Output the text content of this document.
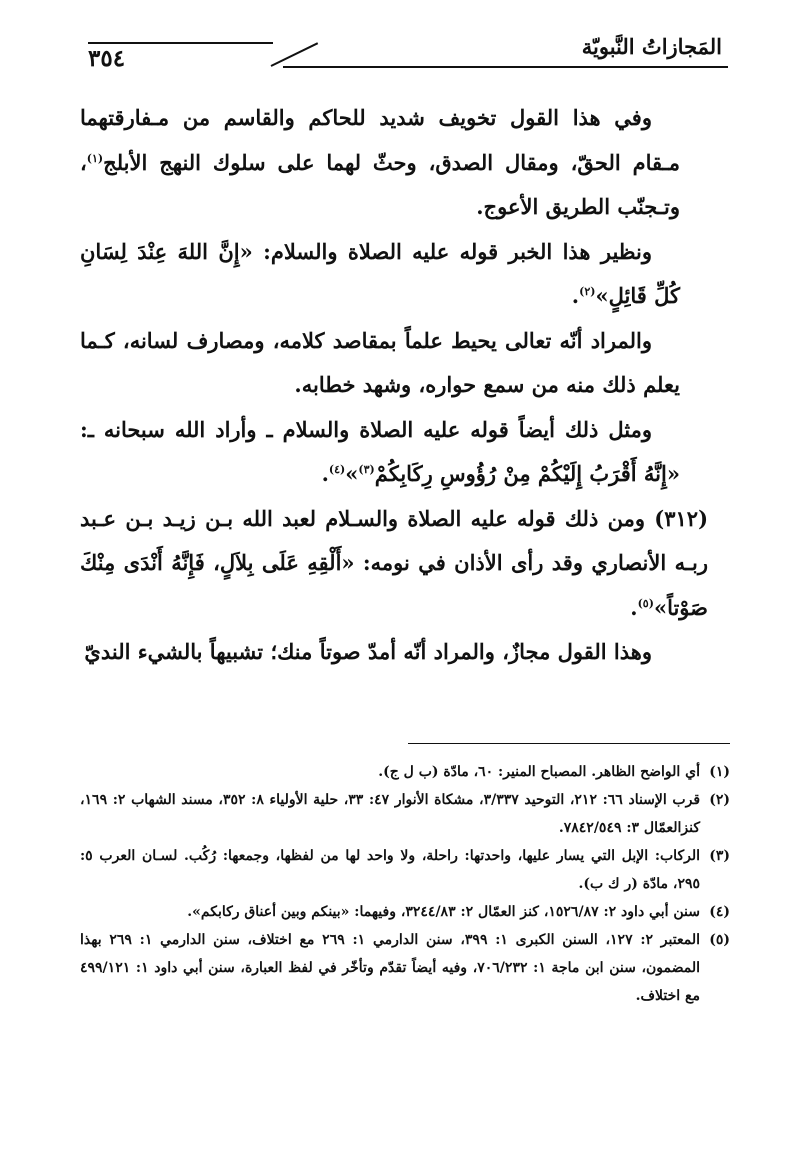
المَجازاتُ النَّبويّة
٣٥٤

وفي هذا القول تخويف شديد للحاكم والقاسم من مـفارقتهما مـقام الحقّ، ومقال الصدق، وحثّ لهما على سلوك النهج الأبلج$^{(١)}$، وتـجنّب الطريق الأعوج.

ونظير هذا الخبر قوله عليه الصلاة والسلام: «إِنَّ اللهَ عِنْدَ لِسَانِ كُلِّ قَائِلٍ»$^{(٢)}$.

والمراد أنّه تعالى يحيط علماً بمقاصد كلامه، ومصارف لسانه، كـما يعلم ذلك منه من سمع حواره، وشهد خطابه.

ومثل ذلك أيضاً قوله عليه الصلاة والسلام ـ وأراد الله سبحانه ـ: «إِنَّهُ أَقْرَبُ إِلَيْكُمْ مِنْ رُؤُوسِ رِكَابِكُمْ$^{(٣)}$»$^{(٤)}$.

(٣١٢) ومن ذلك قوله عليه الصلاة والسـلام لعبد الله بـن زيـد بـن عـبد ربـه الأنصاري وقد رأى الأذان في نومه: «أَلْقِهِ عَلَى بِلاَلٍ، فَإِنَّهُ أَنْدَى مِنْكَ صَوْتاً»$^{(٥)}$.

وهذا القول مجازٌ، والمراد أنّه أمدّ صوتاً منك؛ تشبيهاً بالشيء النديّ

(١)
أي الواضح الظاهر. المصباح المنير: ٦٠، مادّة (ب ل ج).

(٢)
قرب الإسناد ٦٦: ٢١٢، التوحيد ٣/٣٣٧، مشكاة الأنوار ٤٧: ٣٣، حلية الأولياء ٨: ٣٥٢، مسند الشهاب ٢: ١٦٩، كنزالعمّال ٣: ٧٨٤٢/٥٤٩.

(٣)
الركاب: الإبل التي يسار عليها، واحدتها: راحلة، ولا واحد لها من لفظها، وجمعها: رُكُب. لسـان العرب ٥: ٢٩٥، مادّة (ر ك ب).

(٤)
سنن أبي داود ٢: ١٥٢٦/٨٧، كنز العمّال ٢: ٣٢٤٤/٨٣، وفيهما: «بينكم وبين أعناق ركابكم».

(٥)
المعتبر ٢: ١٢٧، السنن الكبرى ١: ٣٩٩، سنن الدارمي ١: ٢٦٩ مع اختلاف، سنن الدارمي ١: ٢٦٩ بهذا المضمون، سنن ابن ماجة ١: ٧٠٦/٢٣٢، وفيه أيضاً تقدّم وتأخّر في لفظ العبارة، سنن أبي داود ١: ٤٩٩/١٢١ مع اختلاف.
